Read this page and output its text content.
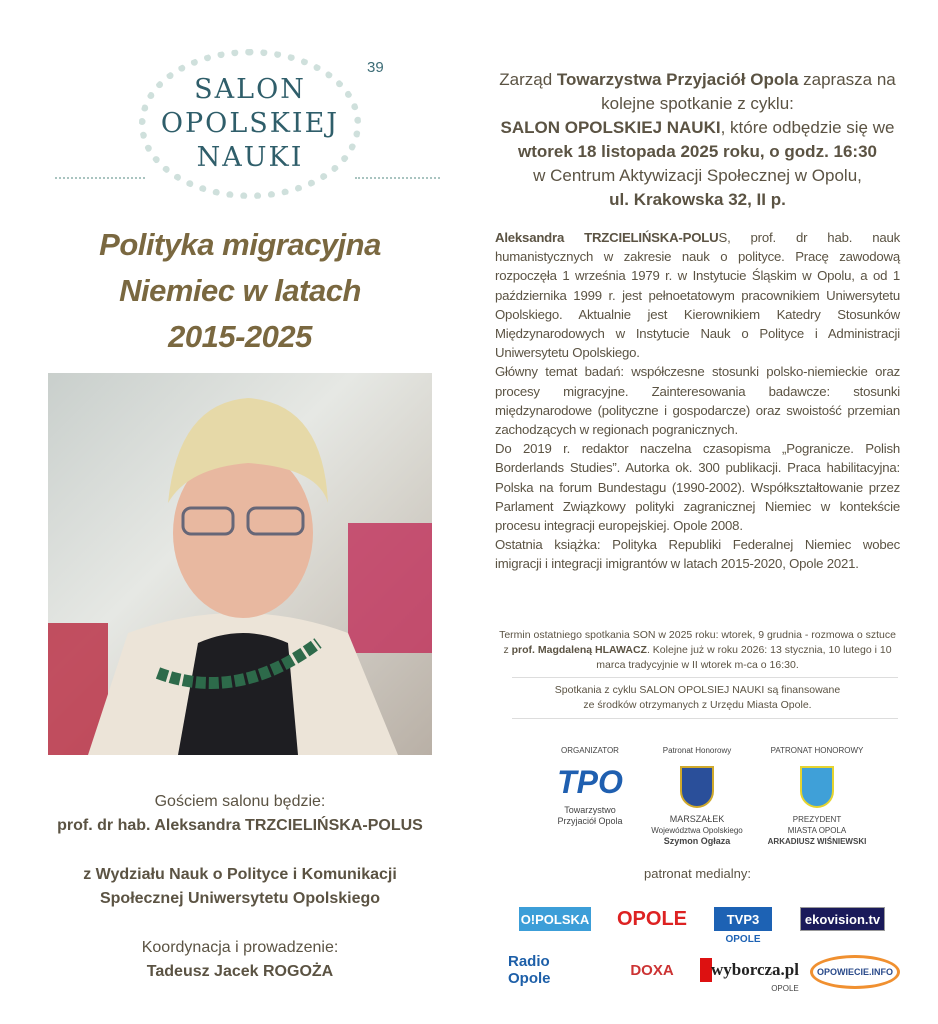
SALON
OPOLSKIEJ
NAUKI
39
Polityka migracyjna
Niemiec w latach
2015-2025
Gościem salonu będzie:
prof. dr hab. Aleksandra TRZCIELIŃSKA-POLUS
z Wydziału Nauk o Polityce i Komunikacji
Społecznej Uniwersytetu Opolskiego
Koordynacja i prowadzenie:
Tadeusz Jacek ROGOŻA
Zarząd Towarzystwa Przyjaciół Opola zaprasza na
kolejne spotkanie z cyklu:
SALON OPOLSKIEJ NAUKI, które odbędzie się we
wtorek 18 listopada 2025 roku, o godz. 16:30
w Centrum Aktywizacji Społecznej w Opolu,
ul. Krakowska 32, II p.

Aleksandra TRZCIELIŃSKA-POLUS, prof. dr hab. nauk humanistycznych w zakresie nauk o polityce. Pracę zawodową rozpoczęła 1 września 1979 r. w Instytucie Śląskim w Opolu, a od 1 października 1999 r. jest pełnoetatowym pracownikiem Uniwersytetu Opolskiego. Aktualnie jest Kierownikiem Katedry Stosunków Międzynarodowych w Instytucie Nauk o Polityce i Administracji Uniwersytetu Opolskiego.

Główny temat badań: współczesne stosunki polsko-niemieckie oraz procesy migracyjne. Zainteresowania badawcze: stosunki międzynarodowe (polityczne i gospodarcze) oraz swoistość przemian zachodzących w regionach pogranicznych.

Do 2019 r. redaktor naczelna czasopisma „Pogranicze. Polish Borderlands Studies”. Autorka ok. 300 publikacji. Praca habilitacyjna: Polska na forum Bundestagu (1990-2002). Współkształtowanie przez Parlament Związkowy polityki zagranicznej Niemiec w kontekście procesu integracji europejskiej. Opole 2008.

Ostatnia książka: Polityka Republiki Federalnej Niemiec wobec imigracji i integracji imigrantów w latach 2015-2020, Opole 2021.

Termin ostatniego spotkania SON w 2025 roku: wtorek, 9 grudnia - rozmowa o sztuce z prof. Magdaleną HLAWACZ. Kolejne już w roku 2026: 13 stycznia, 10 lutego i 10 marca tradycyjnie w II wtorek m-ca o 16:30.
Spotkania z cyklu SALON OPOLSIEJ NAUKI są finansowane
ze środków otrzymanych z Urzędu Miasta Opole.
ORGANIZATOR
TPO
Towarzystwo
Przyjaciół Opola
Patronat Honorowy
MARSZAŁEK
Województwa Opolskiego
Szymon Ogłaza
PATRONAT HONOROWY
PREZYDENT
MIASTA OPOLA
ARKADIUSZ WIŚNIEWSKI
patronat medialny:
O!POLSKA OPOLE	TVP3
OPOLE
ekovision.tv
Radio Opole	DOXA	wyborcza.pl
OPOLE
OPOWIECIE.INFO
